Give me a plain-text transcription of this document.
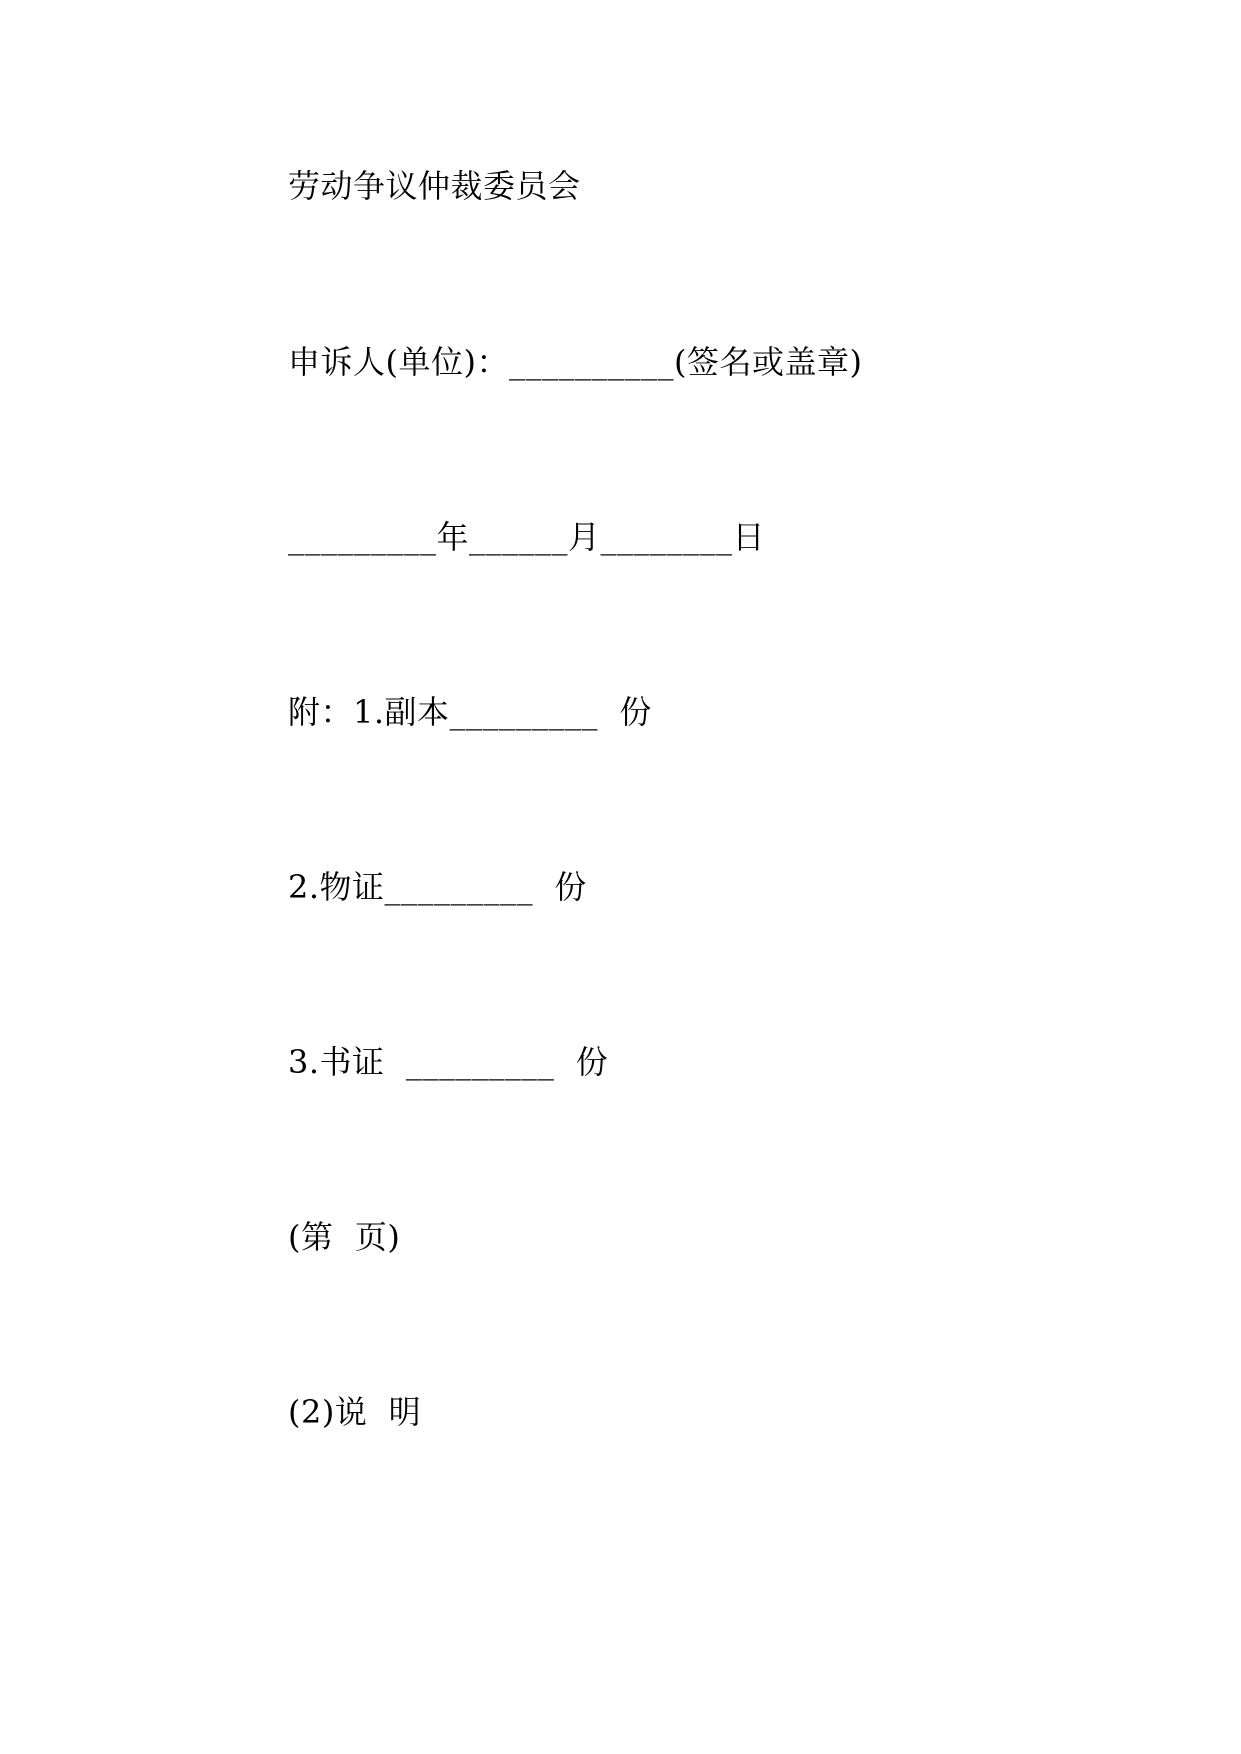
劳动争议仲裁委员会
申诉人(单位)：__________(签名或盖章)
_________年______月________日
附：1.副本_________  份
2.物证_________  份
3.书证  _________  份
(第  页)
(2)说  明
